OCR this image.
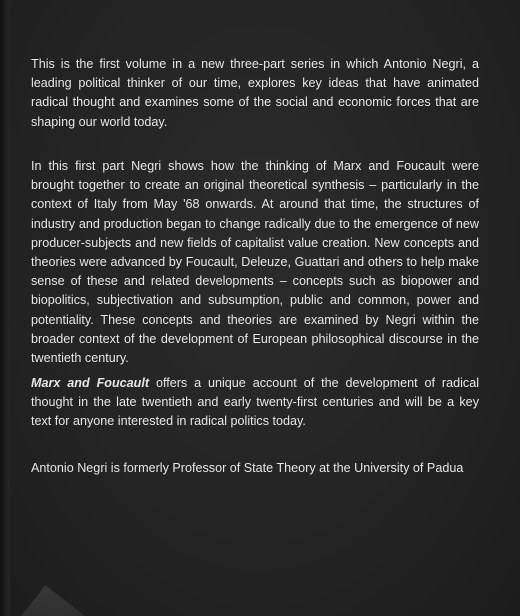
This is the first volume in a new three-part series in which Antonio Negri, a leading political thinker of our time, explores key ideas that have animated radical thought and examines some of the social and economic forces that are shaping our world today.

In this first part Negri shows how the thinking of Marx and Foucault were brought together to create an original theoretical synthesis – particularly in the context of Italy from May '68 onwards. At around that time, the structures of industry and production began to change radically due to the emergence of new producer-subjects and new fields of capitalist value creation. New concepts and theories were advanced by Foucault, Deleuze, Guattari and others to help make sense of these and related developments – concepts such as biopower and biopolitics, subjectivation and subsumption, public and common, power and potentiality. These concepts and theories are examined by Negri within the broader context of the development of European philosophical discourse in the twentieth century.

Marx and Foucault offers a unique account of the development of radical thought in the late twentieth and early twenty-first centuries and will be a key text for anyone interested in radical politics today.

Antonio Negri is formerly Professor of State Theory at the University of Padua
